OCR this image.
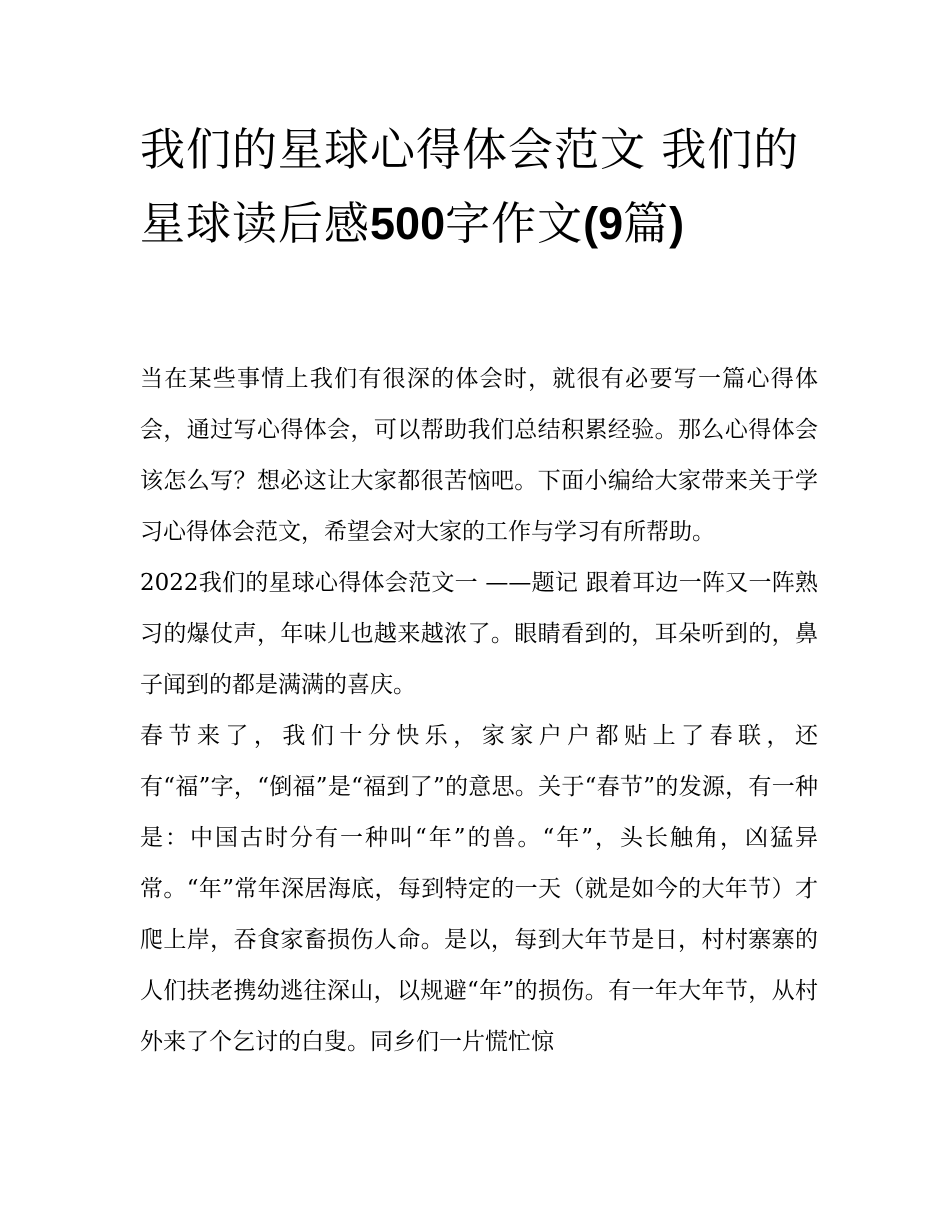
我们的星球心得体会范文 我们的星球读后感500字作文(9篇)

当在某些事情上我们有很深的体会时，就很有必要写一篇心得体会，通过写心得体会，可以帮助我们总结积累经验。那么心得体会该怎么写？想必这让大家都很苦恼吧。下面小编给大家带来关于学习心得体会范文，希望会对大家的工作与学习有所帮助。

2022我们的星球心得体会范文一 ——题记 跟着耳边一阵又一阵熟习的爆仗声，年味儿也越来越浓了。眼睛看到的，耳朵听到的，鼻子闻到的都是满满的喜庆。

春节来了，我们十分快乐，家家户户都贴上了春联，还有“福”字，“倒福”是“福到了”的意思。关于“春节”的发源，有一种是：中国古时分有一种叫“年”的兽。“年”，头长触角，凶猛异常。“年”常年深居海底，每到特定的一天（就是如今的大年节）才爬上岸，吞食家畜损伤人命。是以，每到大年节是日，村村寨寨的人们扶老携幼逃往深山，以规避“年”的损伤。有一年大年节，从村外来了个乞讨的白叟。同乡们一片慌忙惊
